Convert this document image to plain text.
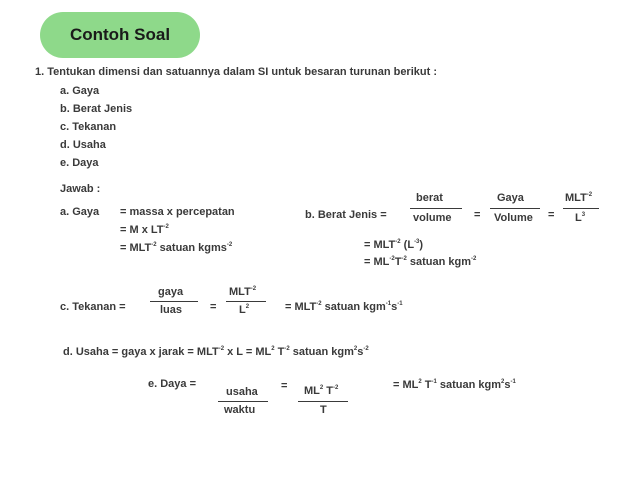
Contoh Soal
1. Tentukan dimensi dan satuannya dalam SI untuk besaran turunan berikut :
a. Gaya
b. Berat Jenis
c. Tekanan
d. Usaha
e. Daya
Jawab :
a. Gaya = massa x percepatan
= M x $LT^{-2}$
= $MLT^{-2}$ satuan kgms$^{-2}$
b. Berat Jenis =
berat
volume =
Gaya
Volume =
$MLT^{-2}$
$L^3$
= $MLT^{-2}$ $(L^{-3})$
= $ML^{-2}T^{-2}$ satuan kgm$^{-2}$
c. Tekanan =
gaya
luas	=
$MLT^{-2}$
$L^2$	= $MLT^{-2}$ satuan $kgm^{-1}s^{-1}$
d. Usaha = gaya x jarak = $MLT^{-2}$ x $L = ML^2$ $T^{-2}$ satuan $kgm^2s^{-2}$
e. Daya =
usaha
waktu
= $ML^2$ $T^{-2}$
T
= $ML^2$ $T^{-1}$ satuan $kgm^2s^{-1}$
